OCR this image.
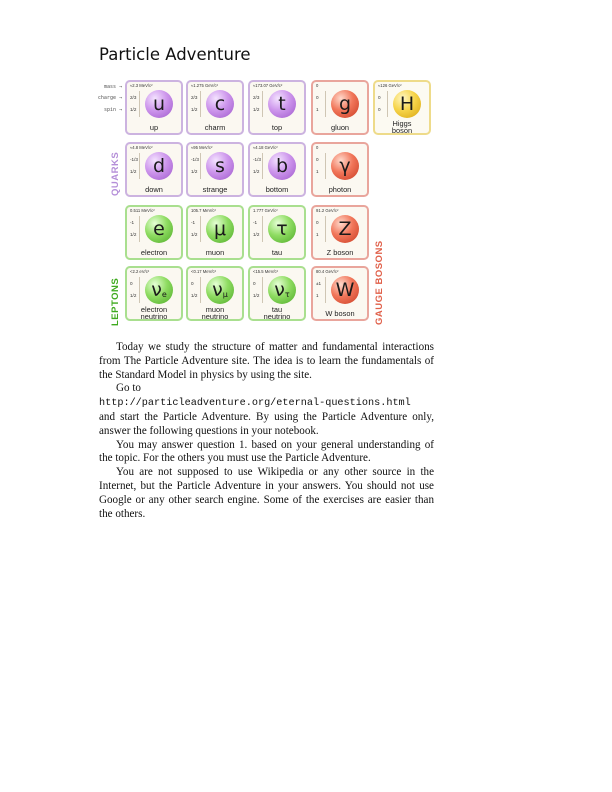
Particle Adventure
mass →
charge →
spin →
≈2.3 MeV/c²
2/3
1/2 u
up
≈1.275 GeV/c²
2/3
1/2 c
charm
≈173.07 GeV/c²
2/3
1/2 t
top
0
0
1 g
gluon
≈126 GeV/c²
0
0 H
Higgs
boson
≈4.8 MeV/c²
-1/3
1/2 d
down
≈95 MeV/c²
-1/3
1/2 s
strange
≈4.18 GeV/c²
-1/3
1/2 b
bottom
0
0
1 γ
photon
0.511 MeV/c²
-1
1/2 e
electron
105.7 MeV/c²
-1
1/2 μ
muon
1.777 GeV/c²
-1
1/2 τ
tau
91.2 GeV/c²
0
1 Z
Z boson
<2.2 eV/c²
0
1/2 ν e
electron
neutrino
<0.17 MeV/c²
0
1/2 ν μ
muon
neutrino
<15.5 MeV/c²
0
1/2 ν τ
tau
neutrino
80.4 GeV/c²
±1
1 W
W boson
QUARKS
LEPTONS	GAUGE BOSONS

Today we study the structure of matter and fundamental interactions from The Particle Adventure site. The idea is to learn the fundamentals of the Standard Model in physics by using the site.

Go to

http://particleadventure.org/eternal-questions.html

and start the Particle Adventure. By using the Particle Adventure only, answer the following questions in your notebook.

You may answer question 1. based on your general understanding of the topic. For the others you must use the Particle Adventure.

You are not supposed to use Wikipedia or any other source in the Internet, but the Particle Adventure in your answers. You should not use Google or any other search engine. Some of the exercises are easier than the others.
